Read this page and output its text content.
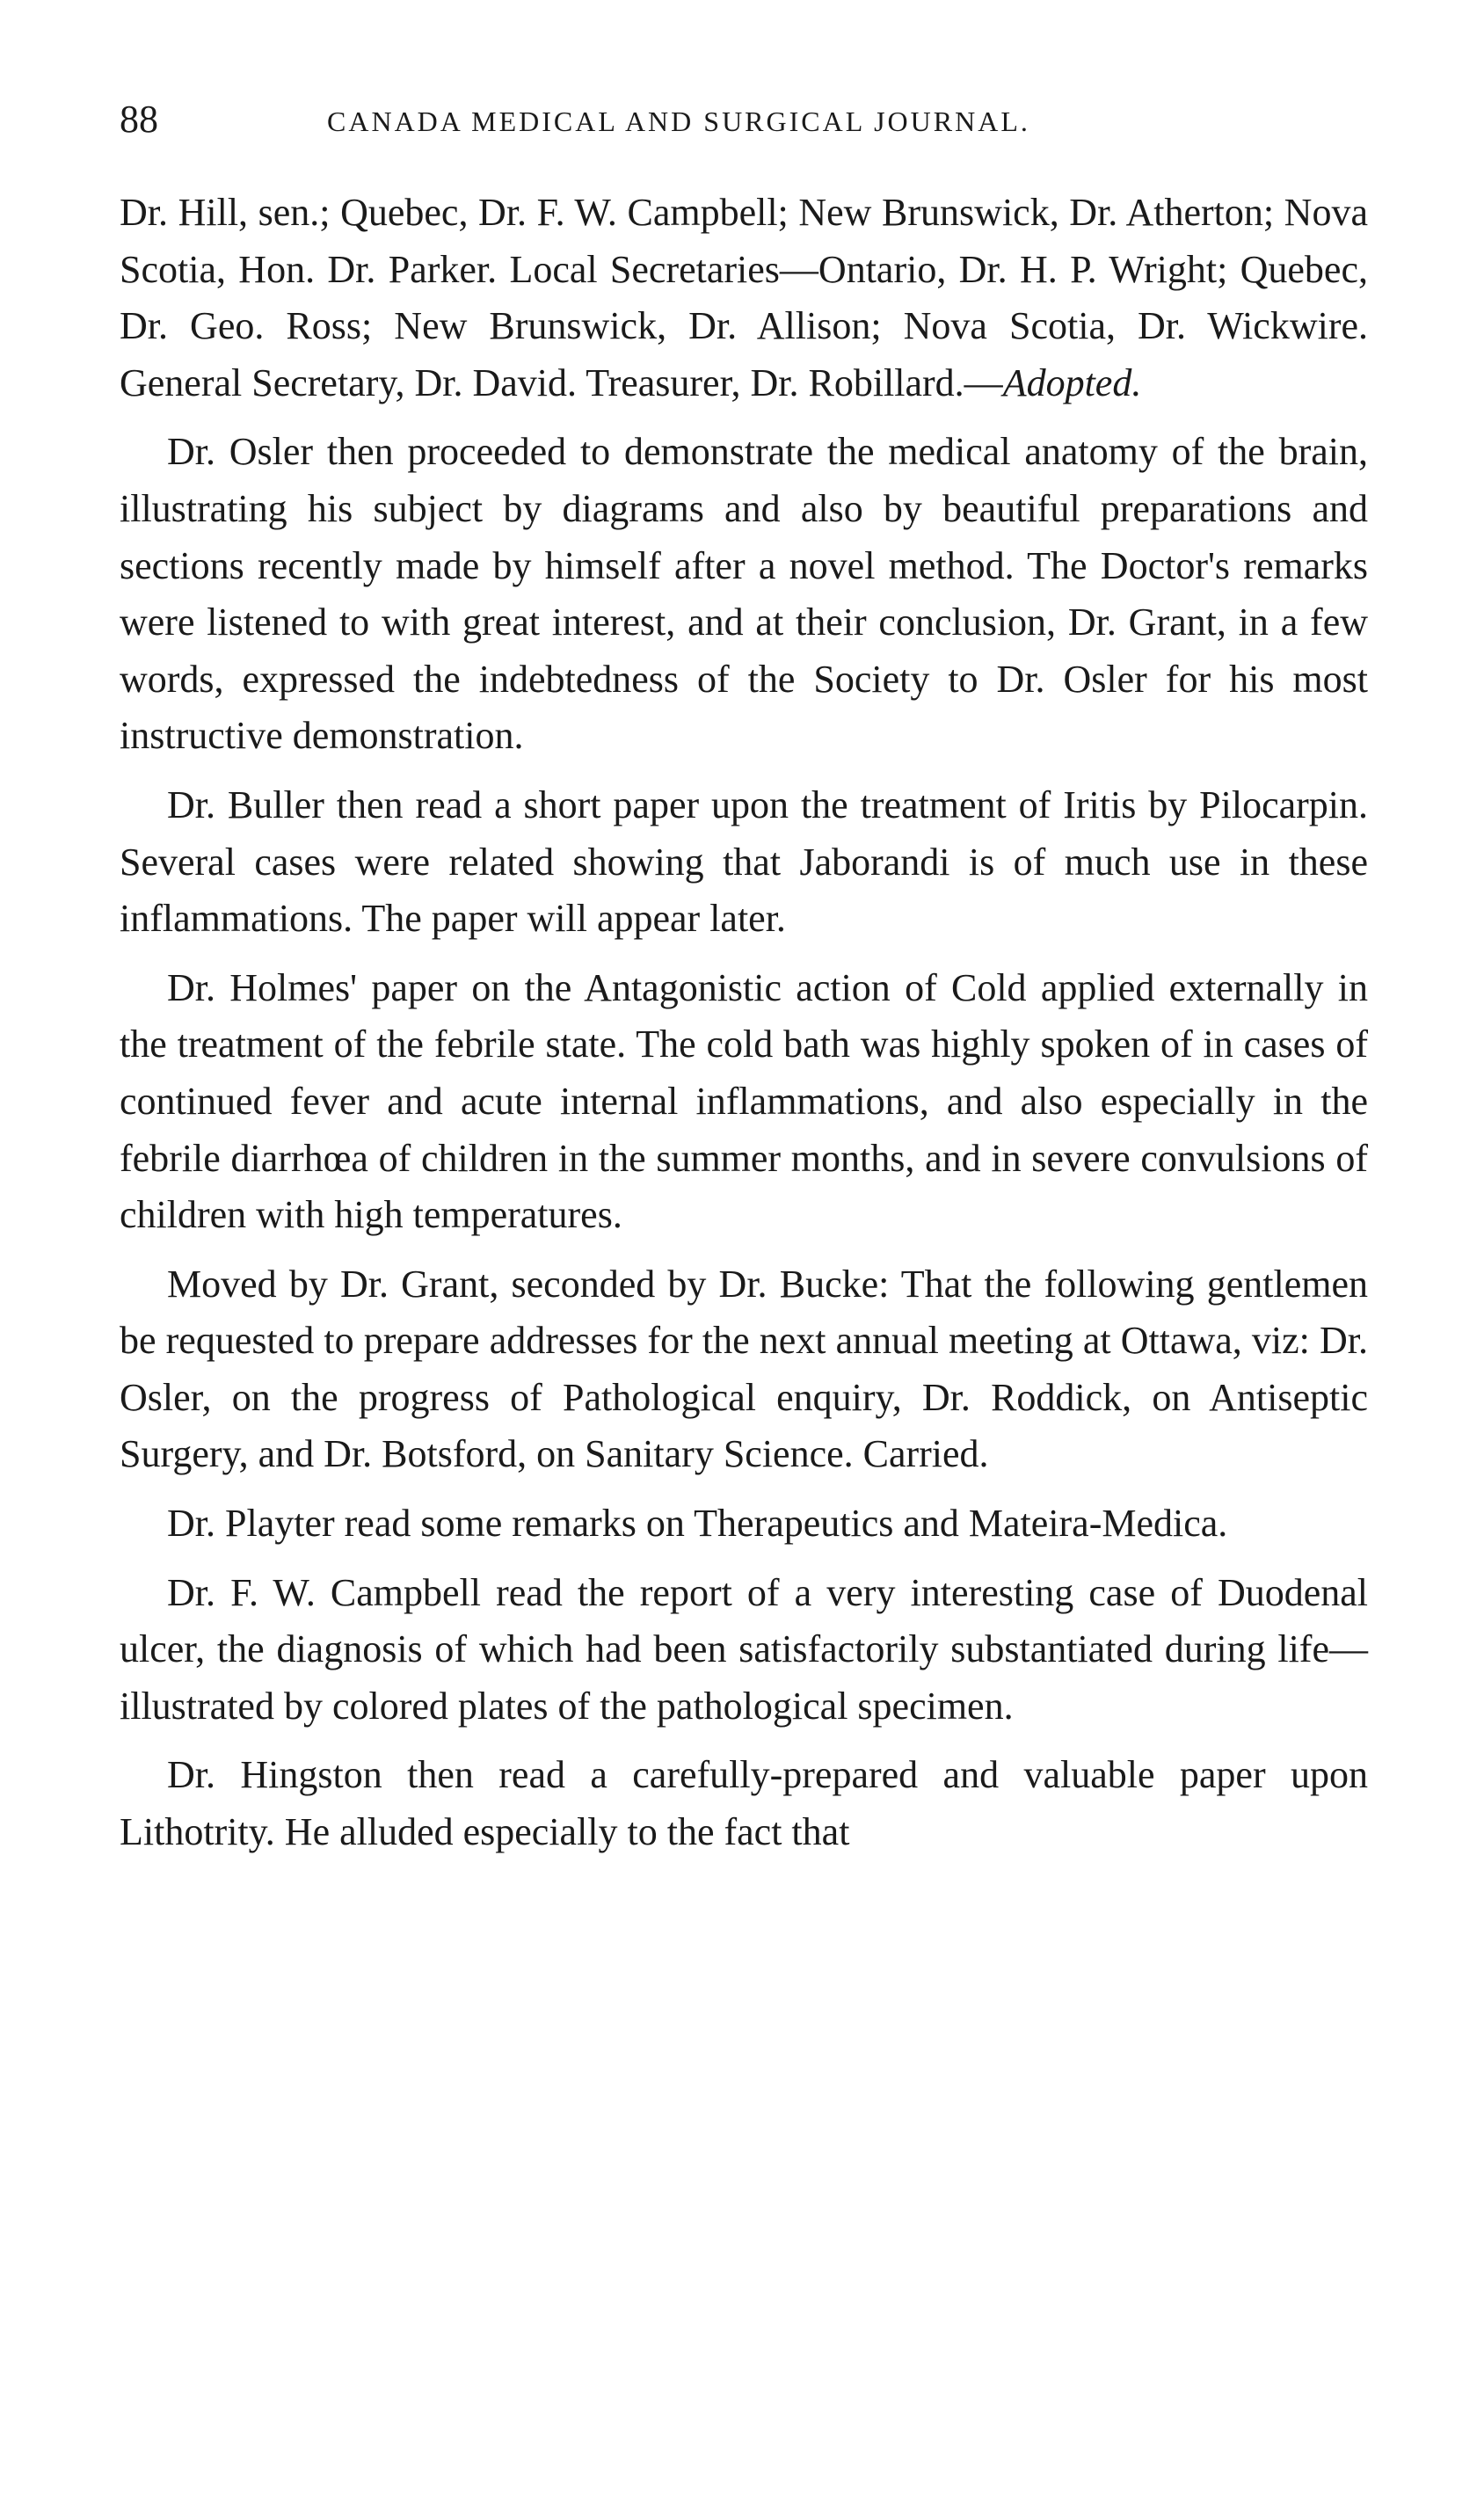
88	CANADA MEDICAL AND SURGICAL JOURNAL.

Dr. Hill, sen.; Quebec, Dr. F. W. Campbell; New Brunswick, Dr. Atherton; Nova Scotia, Hon. Dr. Parker. Local Secretaries—Ontario, Dr. H. P. Wright; Quebec, Dr. Geo. Ross; New Brunswick, Dr. Allison; Nova Scotia, Dr. Wickwire. General Secretary, Dr. David. Treasurer, Dr. Robillard.—Adopted.

Dr. Osler then proceeded to demonstrate the medical anatomy of the brain, illustrating his subject by diagrams and also by beautiful preparations and sections recently made by himself after a novel method. The Doctor's remarks were listened to with great interest, and at their conclusion, Dr. Grant, in a few words, expressed the indebtedness of the Society to Dr. Osler for his most instructive demonstration.

Dr. Buller then read a short paper upon the treatment of Iritis by Pilocarpin. Several cases were related showing that Jaborandi is of much use in these inflammations. The paper will appear later.

Dr. Holmes' paper on the Antagonistic action of Cold applied externally in the treatment of the febrile state. The cold bath was highly spoken of in cases of continued fever and acute internal inflammations, and also especially in the febrile diarrhœa of children in the summer months, and in severe convulsions of children with high temperatures.

Moved by Dr. Grant, seconded by Dr. Bucke: That the following gentlemen be requested to prepare addresses for the next annual meeting at Ottawa, viz: Dr. Osler, on the progress of Pathological enquiry, Dr. Roddick, on Antiseptic Surgery, and Dr. Botsford, on Sanitary Science. Carried.

Dr. Playter read some remarks on Therapeutics and Mateira-Medica.

Dr. F. W. Campbell read the report of a very interesting case of Duodenal ulcer, the diagnosis of which had been satisfactorily substantiated during life—illustrated by colored plates of the pathological specimen.

Dr. Hingston then read a carefully-prepared and valuable paper upon Lithotrity. He alluded especially to the fact that
